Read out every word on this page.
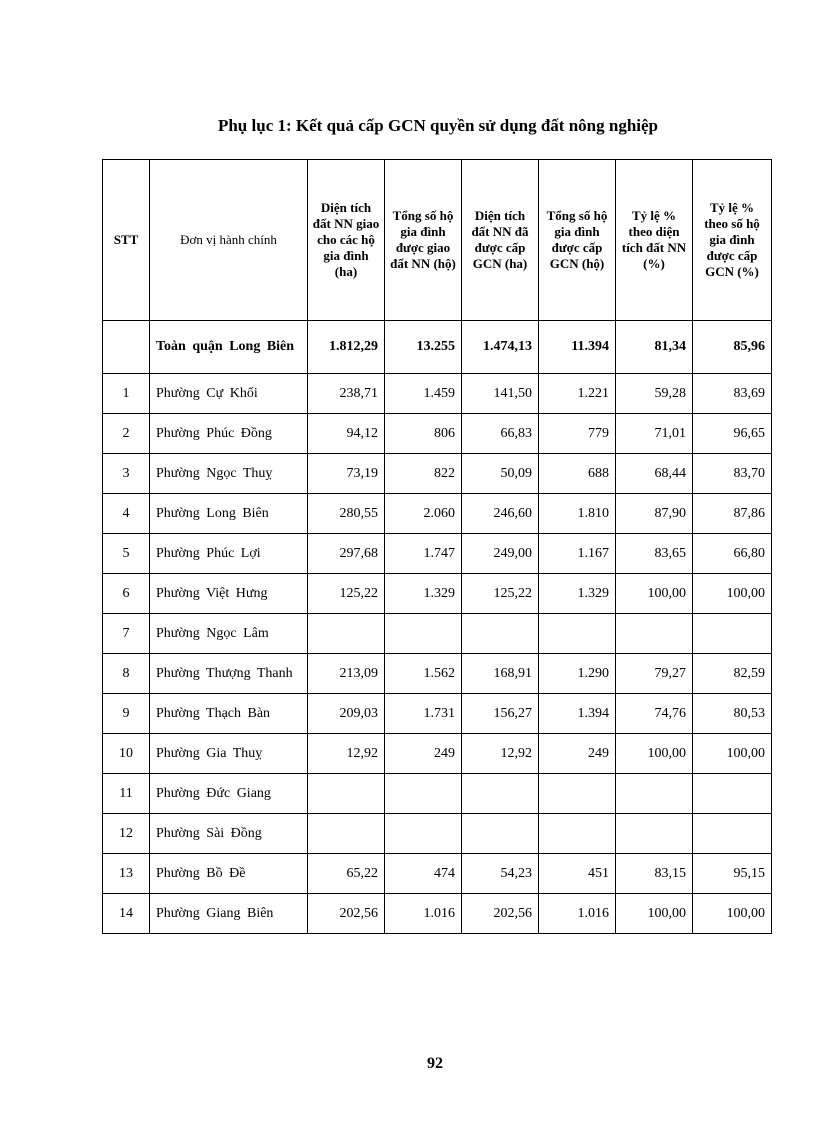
Phụ lục 1: Kết quả cấp GCN quyền sử dụng đất nông nghiệp
STT	Đơn vị hành chính	Diện tích đất NN giao cho các hộ gia đình (ha)	Tổng số hộ gia đình được giao đất NN (hộ)	Diện tích đất NN đã được cấp GCN (ha)	Tổng số hộ gia đình được cấp GCN (hộ)	Tỷ lệ % theo diện tích đất NN (%)	Tỷ lệ % theo số hộ gia đình được cấp GCN (%)
	Toàn quận Long Biên	1.812,29	13.255	1.474,13	11.394	81,34	85,96
1	Phường Cự Khối	238,71	1.459	141,50	1.221	59,28	83,69
2	Phường Phúc Đồng	94,12	806	66,83	779	71,01	96,65
3	Phường Ngọc Thuỵ	73,19	822	50,09	688	68,44	83,70
4	Phường Long Biên	280,55	2.060	246,60	1.810	87,90	87,86
5	Phường Phúc Lợi	297,68	1.747	249,00	1.167	83,65	66,80
6	Phường Việt Hưng	125,22	1.329	125,22	1.329	100,00	100,00
7	Phường Ngọc Lâm						
8	Phường Thượng Thanh	213,09	1.562	168,91	1.290	79,27	82,59
9	Phường Thạch Bàn	209,03	1.731	156,27	1.394	74,76	80,53
10	Phường Gia Thuỵ	12,92	249	12,92	249	100,00	100,00
11	Phường Đức Giang						
12	Phường Sài Đồng						
13	Phường Bồ Đề	65,22	474	54,23	451	83,15	95,15
14	Phường Giang Biên	202,56	1.016	202,56	1.016	100,00	100,00
92
